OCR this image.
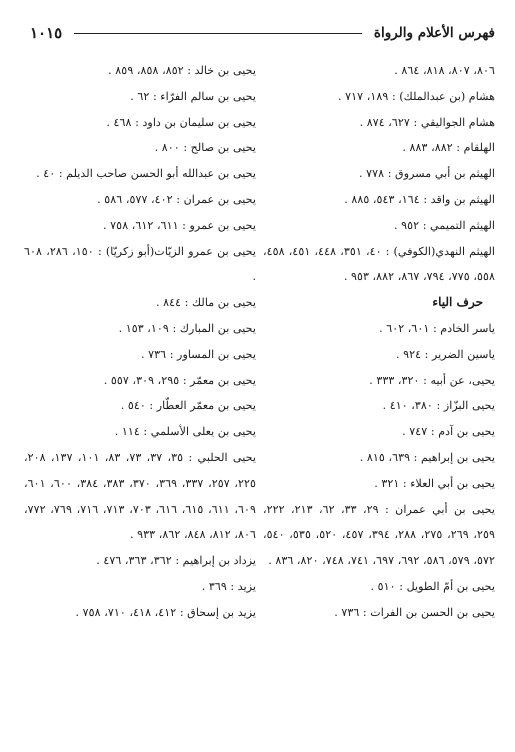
فهرس الأعلام والرواة
١٠١٥
٨٠٦، ٨٠٧، ٨١٨، ٨٦٤ .
هشام (بن عبدالملك) : ١٨٩، ٧١٧ .
هشام الجواليقي : ٦٢٧، ٨٧٤ .
الهلقام : ٨٨٢، ٨٨٣ .
الهيثم بن أبي مسروق : ٧٧٨ .
الهيثم بن واقد : ١٦٤، ٥٤٣، ٨٨٥ .
الهيثم التميمي : ٩٥٢ .
الهيثم النهدي(الكوفي) : ٤٠، ٣٥١، ٤٤٨، ٤٥١، ٤٥٨، ٥٥٨، ٧٧٥، ٧٩٤، ٨٦٧، ٨٨٢، ٩٥٣ .
حرف الياء
ياسر الخادم : ٦٠١، ٦٠٢ .
ياسين الضرير : ٩٢٤ .
يحيى، عن أبيه : ٣٢٠، ٣٣٣ .
يحيى البزّاز : ٣٨٠، ٤١٠ .
يحيى بن آدم : ٧٤٧ .
يحيى بن إبراهيم : ٦٣٩، ٨١٥ .
يحيى بن أبي العلاء : ٣٢١ .
يحيى بن أبي عمران : ٢٩، ٣٣، ٦٢، ٢١٣، ٢٢٢، ٢٥٩، ٢٦٩، ٢٧٥، ٢٨٨، ٣٩٤، ٤٥٧، ٥٢٠، ٥٣٥، ٥٤٠، ٥٧٢، ٥٧٩، ٥٨٦، ٦٩٢، ٦٩٧، ٧٤١، ٧٤٨، ٨٢٠، ٨٣٦ .
يحيى بن أمّ الطويل : ٥١٠ .
يحيى بن الحسن بن الفرات : ٧٣٦ .
يحيى بن خالد : ٨٥٢، ٨٥٨، ٨٥٩ .
يحيى بن سالم الفرّاء : ٦٢ .
يحيى بن سليمان بن داود : ٤٦٨ .
يحيى بن صالح : ٨٠٠ .
يحيى بن عبدالله أبو الحسن صاحب الديلم : ٤٠ .
يحيى بن عمران : ٤٠٢، ٥٧٧، ٥٨٦ .
يحيى بن عمرو : ٦١١، ٦١٢، ٧٥٨ .
يحيى بن عمرو الزيّات(أبو زكريّا) : ١٥٠، ٢٨٦، ٦٠٨ .
يحيى بن مالك : ٨٤٤ .
يحيى بن المبارك : ١٠٩، ١٥٣ .
يحيى بن المساور : ٧٣٦ .
يحيى بن معمّر : ٢٩٥، ٣٠٩، ٥٥٧ .
يحيى بن معمّر العطّار : ٥٤٠ .
يحيى بن يعلى الأسلمي : ١١٤ .
يحيى الحلبي : ٣٥، ٣٧، ٧٣، ٨٣، ١٠١، ١٣٧، ٢٠٨، ٢٢٥، ٢٥٧، ٣٣٧، ٣٦٩، ٣٧٠، ٣٨٣، ٣٨٤، ٦٠٠، ٦٠١، ٦٠٩، ٦١١، ٦١٥، ٦١٦، ٧٠٣، ٧١٣، ٧١٦، ٧٦٩، ٧٧٢، ٨٠٦، ٨١٢، ٨٤٨، ٨٦٢، ٩٣٣ .
يزداد بن إبراهيم : ٣٦٢، ٣٦٣، ٤٧٦ .
يزيد : ٣٦٩ .
يزيد بن إسحاق : ٤١٢، ٤١٨، ٧١٠، ٧٥٨ .
